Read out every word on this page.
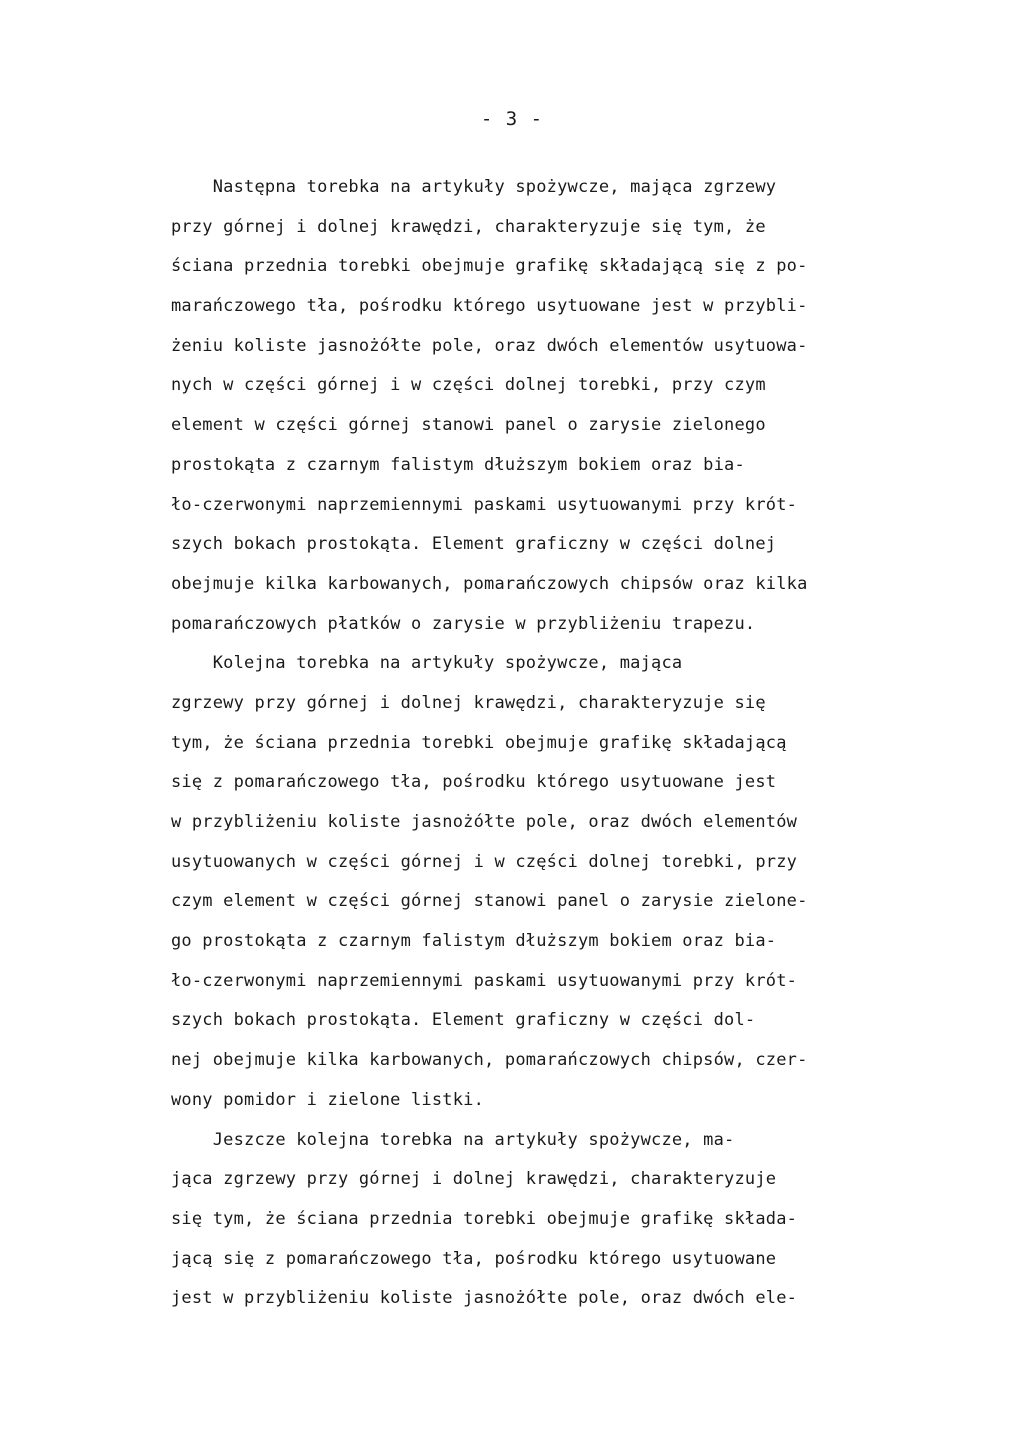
- 3 -
Następna torebka na artykuły spożywcze, mająca zgrzewy
przy górnej i dolnej krawędzi, charakteryzuje się tym, że
ściana przednia torebki obejmuje grafikę składającą się z po-
marańczowego tła, pośrodku którego usytuowane jest w przybli-
żeniu koliste jasnożółte pole, oraz dwóch elementów usytuowa-
nych w części górnej i w części dolnej torebki, przy czym
element w części górnej stanowi panel o zarysie zielonego
prostokąta z czarnym falistym dłuższym bokiem oraz bia-
ło-czerwonymi naprzemiennymi paskami usytuowanymi przy krót-
szych bokach prostokąta. Element graficzny w części dolnej
obejmuje kilka karbowanych, pomarańczowych chipsów oraz kilka
pomarańczowych płatków o zarysie w przybliżeniu trapezu.
Kolejna torebka na artykuły spożywcze, mająca
zgrzewy przy górnej i dolnej krawędzi, charakteryzuje się
tym, że ściana przednia torebki obejmuje grafikę składającą
się z pomarańczowego tła, pośrodku którego usytuowane jest
w przybliżeniu koliste jasnożółte pole, oraz dwóch elementów
usytuowanych w części górnej i w części dolnej torebki, przy
czym element w części górnej stanowi panel o zarysie zielone-
go prostokąta z czarnym falistym dłuższym bokiem oraz bia-
ło-czerwonymi naprzemiennymi paskami usytuowanymi przy krót-
szych bokach prostokąta. Element graficzny w części dol-
nej obejmuje kilka karbowanych, pomarańczowych chipsów, czer-
wony pomidor i zielone listki.
Jeszcze kolejna torebka na artykuły spożywcze, ma-
jąca zgrzewy przy górnej i dolnej krawędzi, charakteryzuje
się tym, że ściana przednia torebki obejmuje grafikę składa-
jącą się z pomarańczowego tła, pośrodku którego usytuowane
jest w przybliżeniu koliste jasnożółte pole, oraz dwóch ele-
